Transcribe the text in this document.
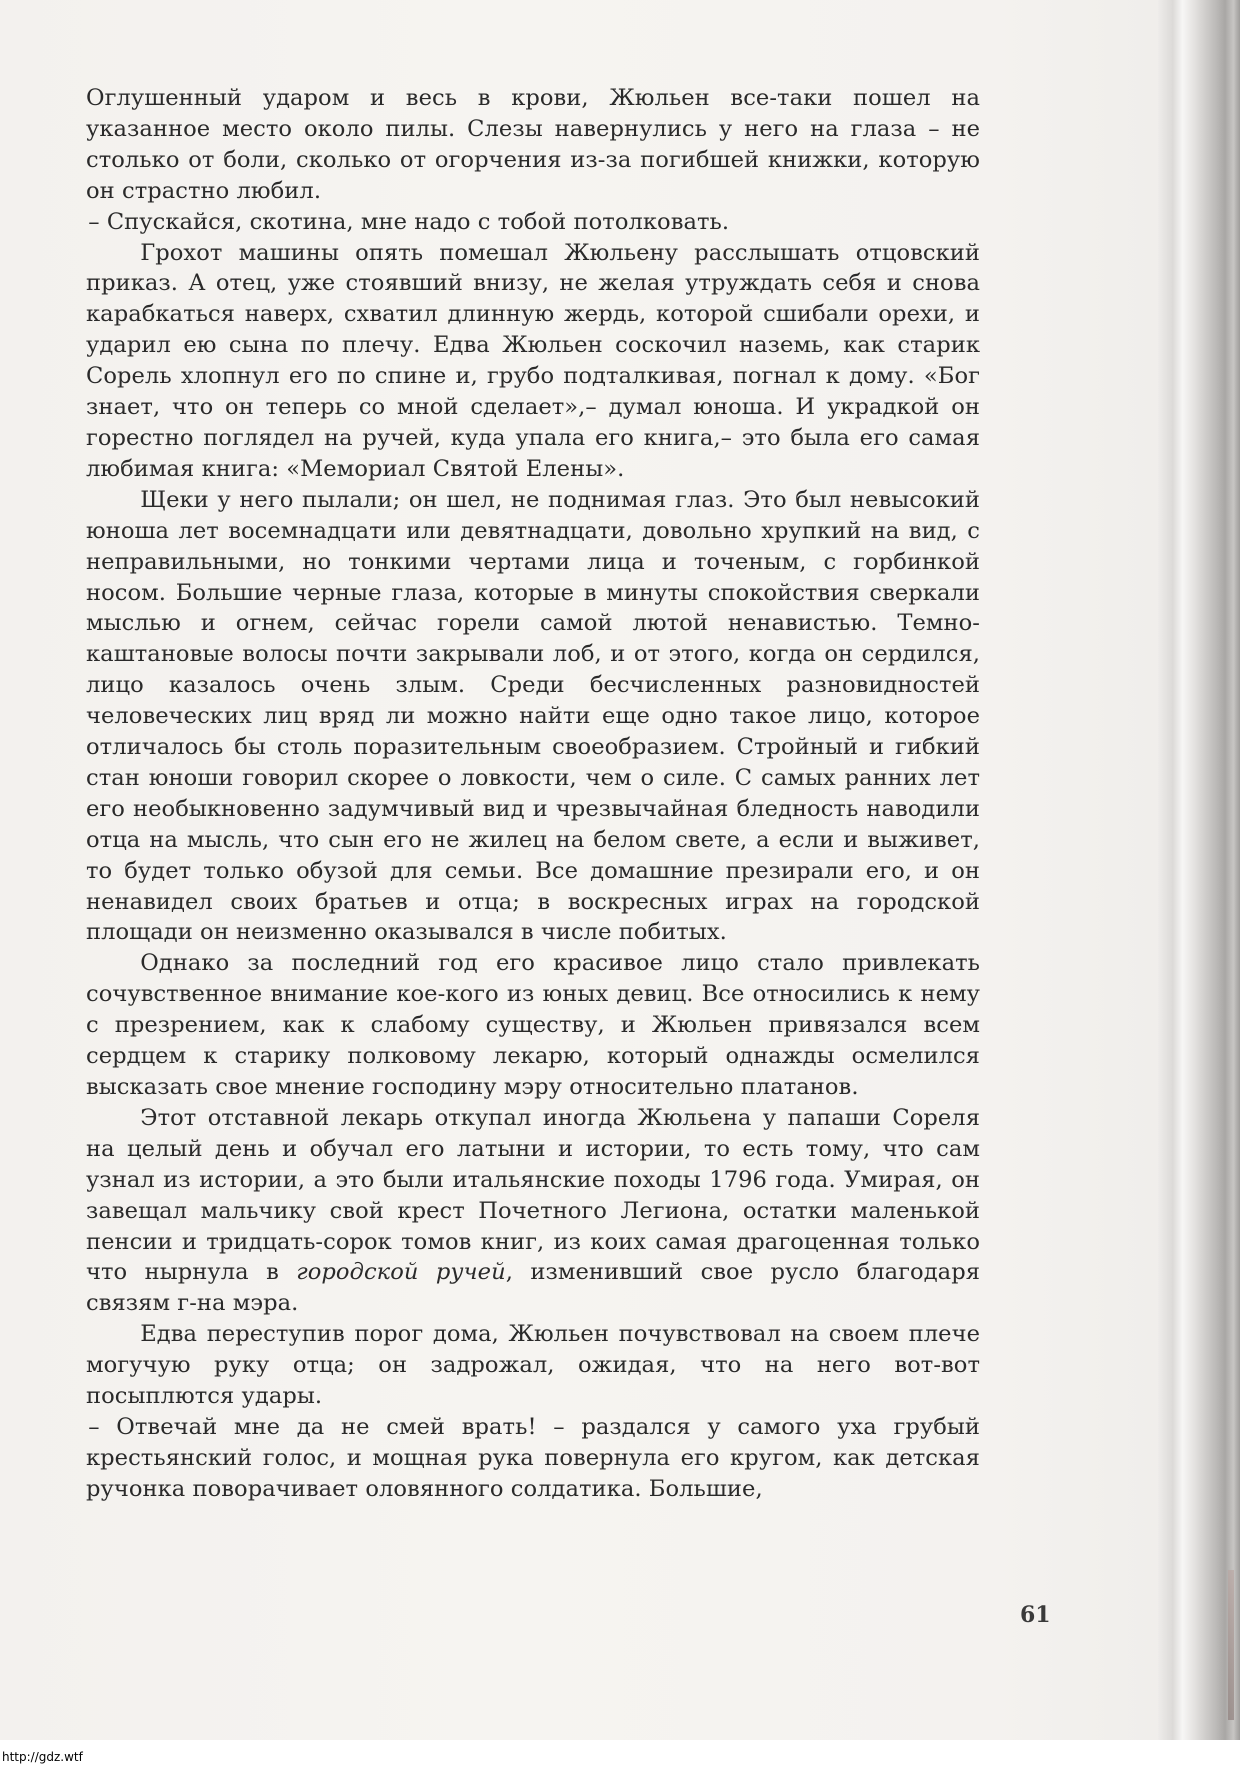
Оглушенный ударом и весь в крови, Жюльен все-таки пошел на указанное место около пилы. Слезы навернулись у него на глаза – не столько от боли, сколько от огорчения из-за погибшей книжки, которую он страстно любил.

– Спускайся, скотина, мне надо с тобой потолковать.

Грохот машины опять помешал Жюльену расслышать отцовский приказ. А отец, уже стоявший внизу, не желая утруждать себя и снова карабкаться наверх, схватил длинную жердь, которой сшибали орехи, и ударил ею сына по плечу. Едва Жюльен соскочил наземь, как старик Сорель хлопнул его по спине и, грубо подталкивая, погнал к дому. «Бог знает, что он теперь со мной сделает»,– думал юноша. И украдкой он горестно поглядел на ручей, куда упала его книга,– это была его самая любимая книга: «Мемориал Святой Елены».

Щеки у него пылали; он шел, не поднимая глаз. Это был невысокий юноша лет восемнадцати или девятнадцати, довольно хрупкий на вид, с неправильными, но тонкими чертами лица и точеным, с горбинкой носом. Большие черные глаза, которые в минуты спокойствия сверкали мыслью и огнем, сейчас горели самой лютой ненавистью. Темно-каштановые волосы почти закрывали лоб, и от этого, когда он сердился, лицо казалось очень злым. Среди бесчисленных разновидностей человеческих лиц вряд ли можно найти еще одно такое лицо, которое отличалось бы столь поразительным своеобразием. Стройный и гибкий стан юноши говорил скорее о ловкости, чем о силе. С самых ранних лет его необыкновенно задумчивый вид и чрезвычайная бледность наводили отца на мысль, что сын его не жилец на белом свете, а если и выживет, то будет только обузой для семьи. Все домашние презирали его, и он ненавидел своих братьев и отца; в воскресных играх на городской площади он неизменно оказывался в числе побитых.

Однако за последний год его красивое лицо стало привлекать сочувственное внимание кое-кого из юных девиц. Все относились к нему с презрением, как к слабому существу, и Жюльен привязался всем сердцем к старику полковому лекарю, который однажды осмелился высказать свое мнение господину мэру относительно платанов.

Этот отставной лекарь откупал иногда Жюльена у папаши Сореля на целый день и обучал его латыни и истории, то есть тому, что сам узнал из истории, а это были итальянские походы 1796 года. Умирая, он завещал мальчику свой крест Почетного Легиона, остатки маленькой пенсии и тридцать-сорок томов книг, из коих самая драгоценная только что нырнула в городской ручей, изменивший свое русло благодаря связям г-на мэра.

Едва переступив порог дома, Жюльен почувствовал на своем плече могучую руку отца; он задрожал, ожидая, что на него вот-вот посыплются удары.

– Отвечай мне да не смей врать! – раздался у самого уха грубый крестьянский голос, и мощная рука повернула его кругом, как детская ручонка поворачивает оловянного солдатика. Большие,

61
http://gdz.wtf
